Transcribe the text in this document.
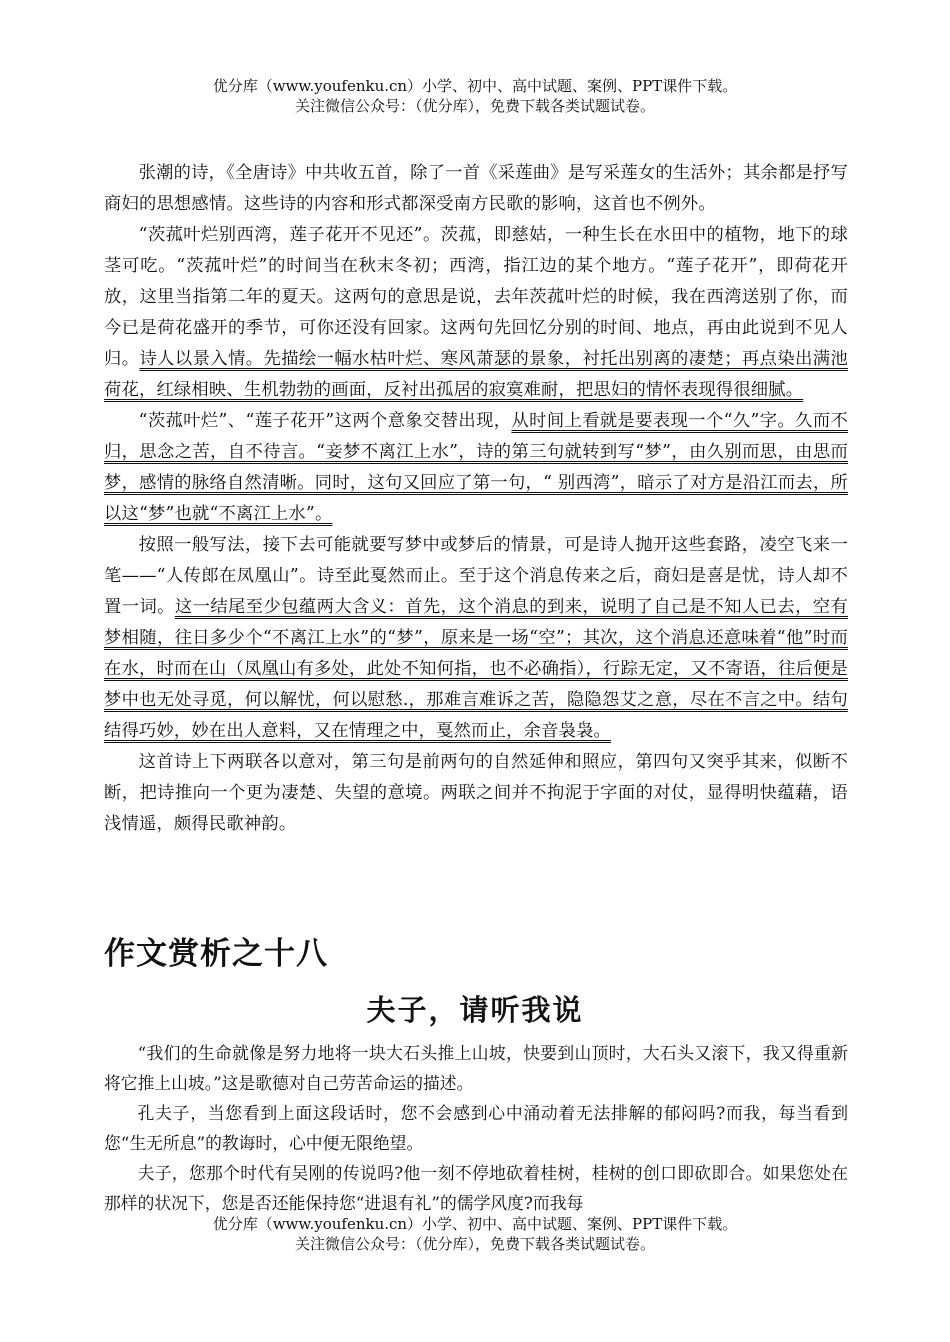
优分库（www.youfenku.cn）小学、初中、高中试题、案例、PPT课件下载。
关注微信公众号：（优分库），免费下载各类试题试卷。

张潮的诗，《全唐诗》中共收五首，除了一首《采莲曲》是写采莲女的生活外；其余都是抒写商妇的思想感情。这些诗的内容和形式都深受南方民歌的影响，这首也不例外。

“茨菰叶烂别西湾，莲子花开不见还”。茨菰，即慈姑，一种生长在水田中的植物，地下的球茎可吃。“茨菰叶烂”的时间当在秋末冬初；西湾，指江边的某个地方。“莲子花开”，即荷花开放，这里当指第二年的夏天。这两句的意思是说，去年茨菰叶烂的时候，我在西湾送别了你，而今已是荷花盛开的季节，可你还没有回家。这两句先回忆分别的时间、地点，再由此说到不见人归。诗人以景入情。先描绘一幅水枯叶烂、寒风萧瑟的景象，衬托出别离的凄楚；再点染出满池荷花，红绿相映、生机勃勃的画面，反衬出孤居的寂寞难耐，把思妇的情怀表现得很细腻。

“茨菰叶烂”、“莲子花开”这两个意象交替出现，从时间上看就是要表现一个“久”字。久而不归，思念之苦，自不待言。“妾梦不离江上水”，诗的第三句就转到写“梦”，由久别而思，由思而梦，感情的脉络自然清晰。同时，这句又回应了第一句，“ 别西湾”，暗示了对方是沿江而去，所以这“梦”也就“不离江上水”。

按照一般写法，接下去可能就要写梦中或梦后的情景，可是诗人抛开这些套路，凌空飞来一笔——“人传郎在凤凰山”。诗至此戛然而止。至于这个消息传来之后，商妇是喜是忧，诗人却不置一词。这一结尾至少包蕴两大含义：首先，这个消息的到来，说明了自己是不知人已去，空有梦相随，往日多少个“不离江上水”的“梦”，原来是一场“空”；其次，这个消息还意味着“他”时而在水，时而在山（凤凰山有多处，此处不知何指，也不必确指），行踪无定，又不寄语，往后便是梦中也无处寻觅，何以解忧，何以慰愁.，那难言难诉之苦，隐隐怨艾之意，尽在不言之中。结句结得巧妙，妙在出人意料，又在情理之中，戛然而止，余音袅袅。

这首诗上下两联各以意对，第三句是前两句的自然延伸和照应，第四句又突乎其来，似断不断，把诗推向一个更为凄楚、失望的意境。两联之间并不拘泥于字面的对仗，显得明快蕴藉，语浅情遥，颇得民歌神韵。

作文赏析之十八
夫子，请听我说

“我们的生命就像是努力地将一块大石头推上山坡，快要到山顶时，大石头又滚下，我又得重新将它推上山坡。”这是歌德对自己劳苦命运的描述。

孔夫子，当您看到上面这段话时，您不会感到心中涌动着无法排解的郁闷吗?而我，每当看到您“生无所息”的教诲时，心中便无限绝望。

夫子，您那个时代有吴刚的传说吗?他一刻不停地砍着桂树，桂树的创口即砍即合。如果您处在那样的状况下，您是否还能保持您“进退有礼”的儒学风度?而我每

优分库（www.youfenku.cn）小学、初中、高中试题、案例、PPT课件下载。
关注微信公众号：（优分库），免费下载各类试题试卷。
